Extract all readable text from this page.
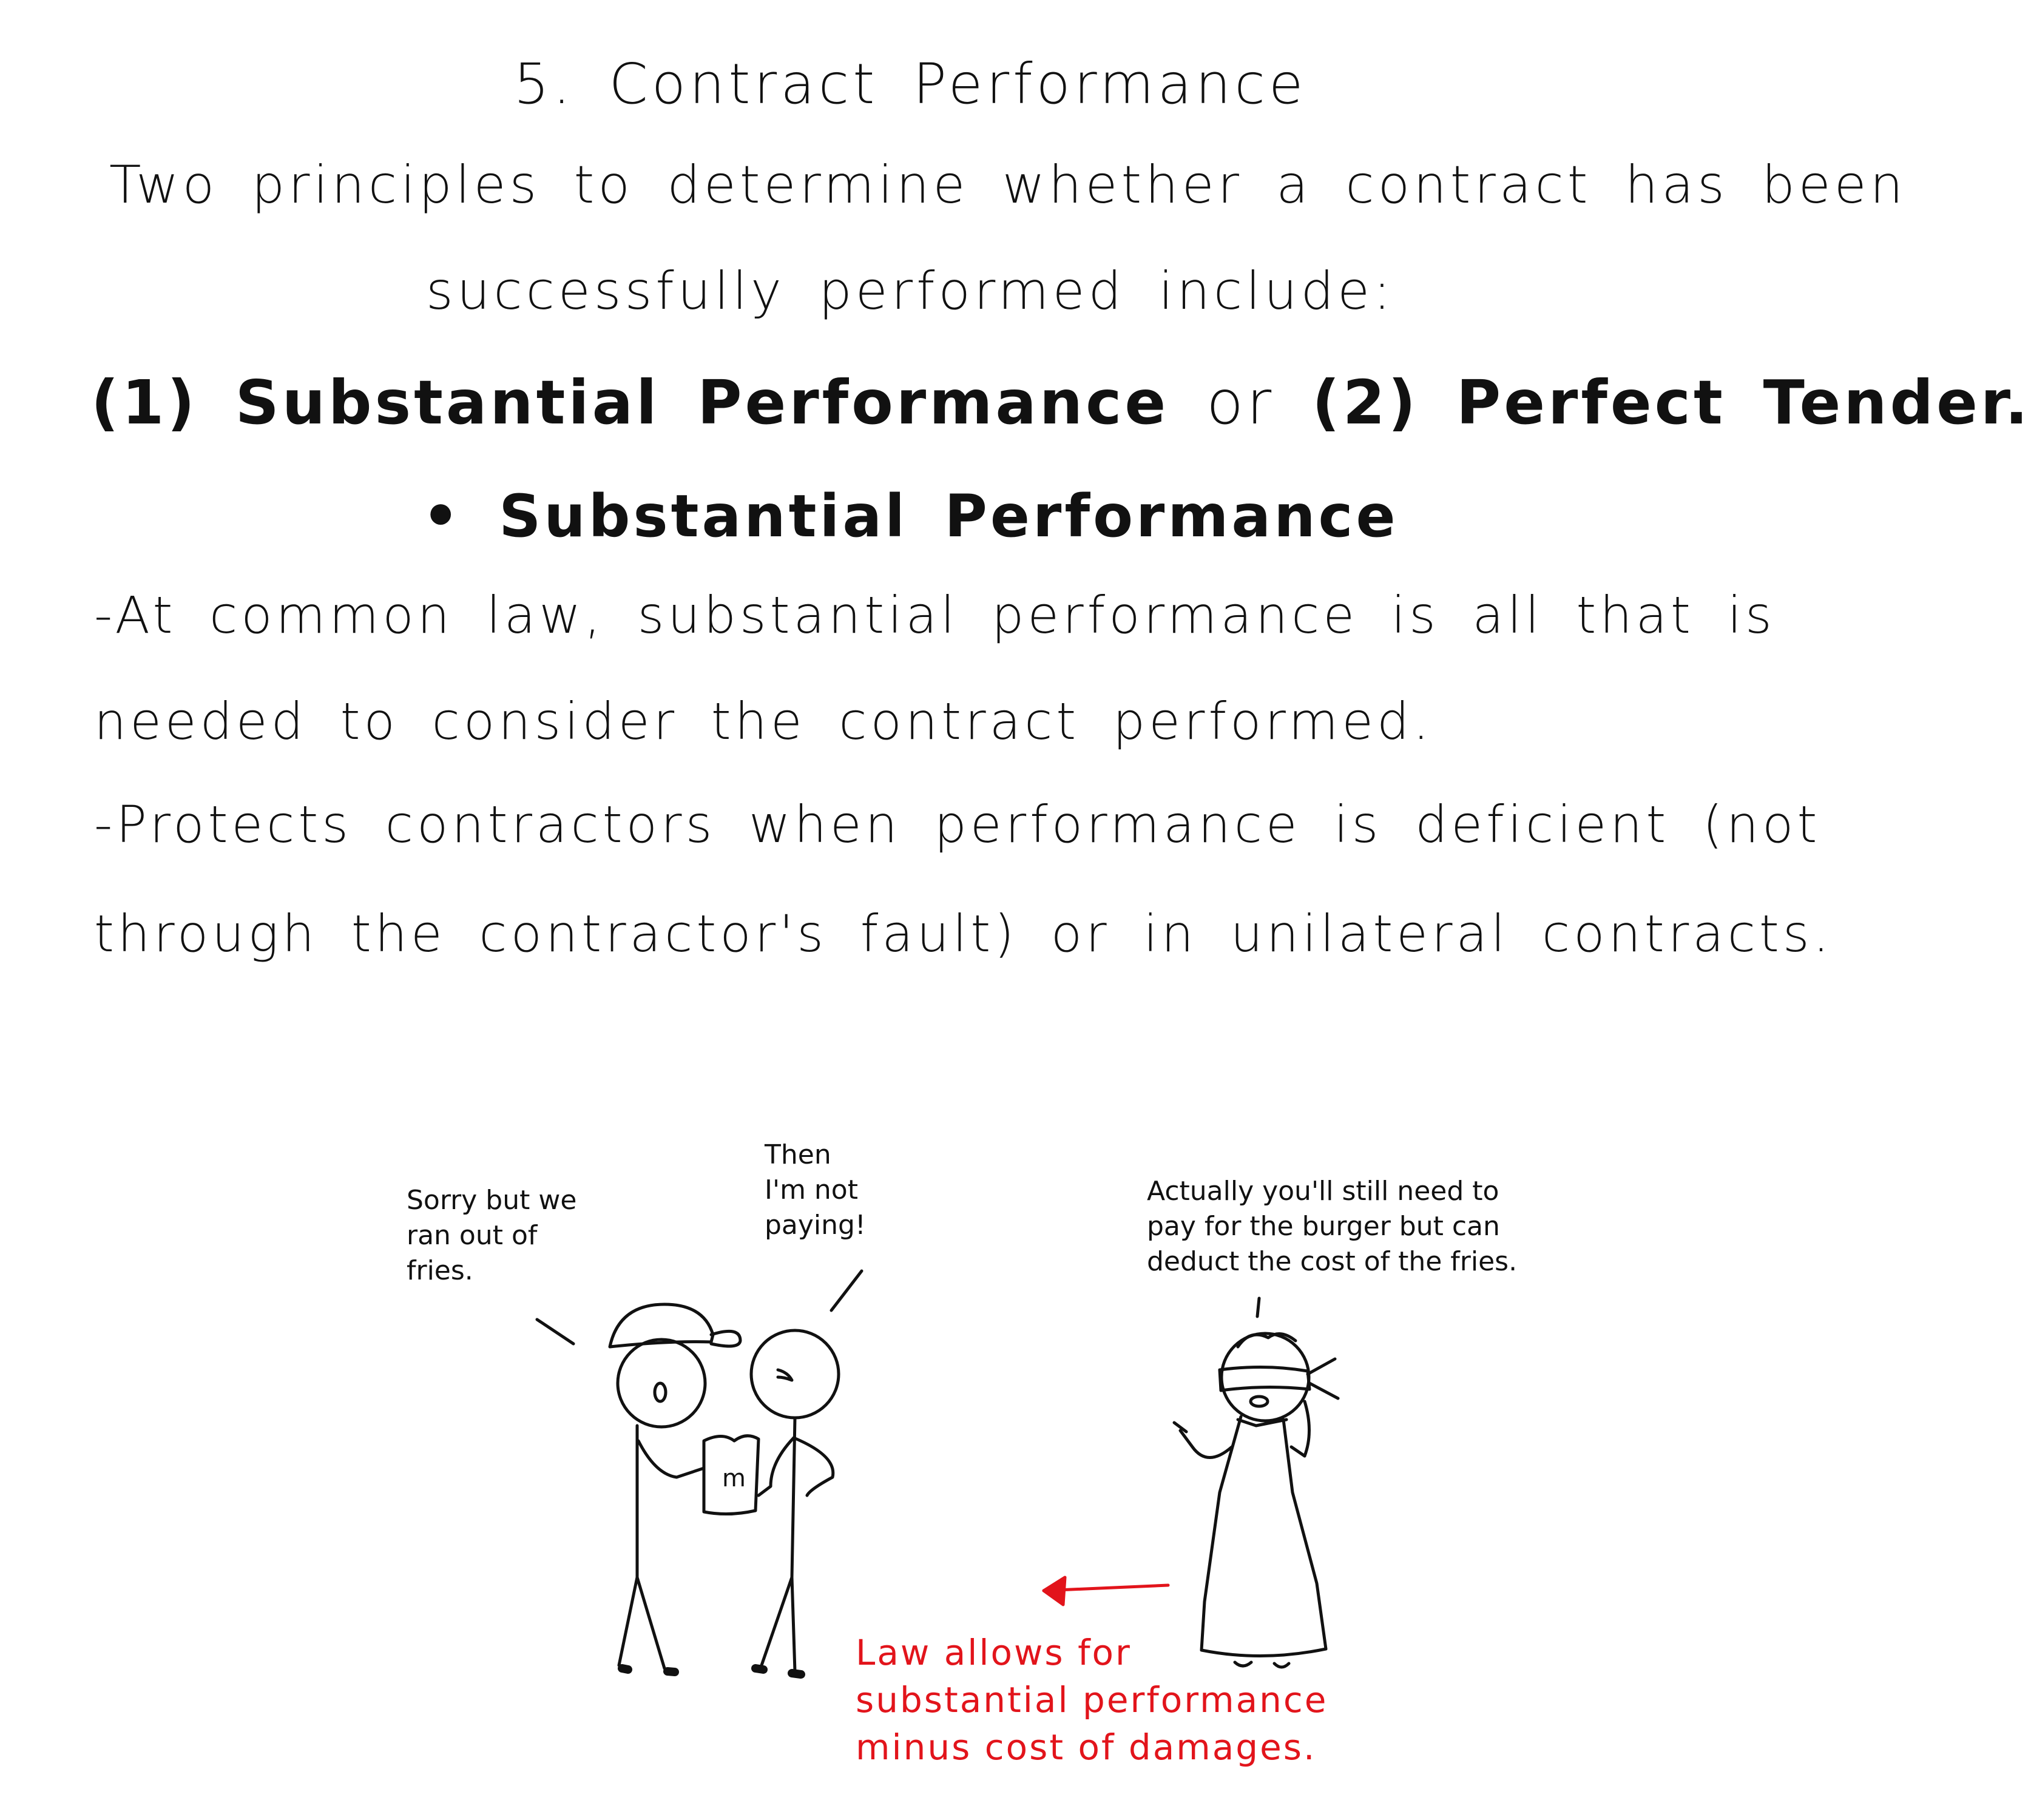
5. Contract Performance
Two principles to determine whether a contract has been
successfully performed include:
(1) Substantial Performance or (2) Perfect Tender.
• Substantial Performance
-At common law, substantial performance is all that is
needed to consider the contract performed.
-Protects contractors when performance is deficient (not
through the contractor's fault) or in unilateral contracts.
m
Sorry but we
ran out of
fries.
Then
I'm not
paying!
Actually you'll still need to
pay for the burger but can
deduct the cost of the fries.
Law allows for
substantial performance
minus cost of damages.
